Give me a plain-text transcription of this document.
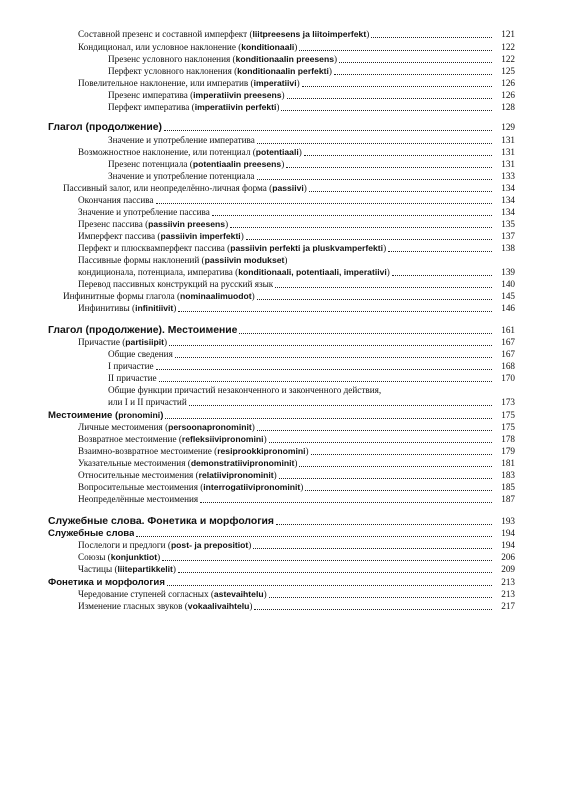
Составной презенс и составной имперфект (liitpreesens ja liitoimperfekt)	121
Кондиционал, или условное наклонение (konditionaali)	122
Презенс условного наклонения (konditionaalin preesens)	122
Перфект условного наклонения (konditionaalin perfekti)	125
Повелительное наклонение, или императив (imperatiivi)	126
Презенс императива (imperatiivin preesens)	126
Перфект императива (imperatiivin perfekti)	128
Глагол (продолжение)	129
Значение и употребление императива	131
Возможностное наклонение, или потенциал (potentiaali)	131
Презенс потенциала (potentiaalin preesens)	131
Значение и употребление потенциала	133
Пассивный залог, или неопределённо-личная форма (passiivi)	134
Окончания пассива	134
Значение и употребление пассива	134
Презенс пассива (passiivin preesens)	135
Имперфект пассива (passiivin imperfekti)	137
Перфект и плюсквамперфект пассива (passiivin perfekti ja pluskvamperfekti)	138
Пассивные формы наклонений (passiivin modukset)
кондиционала, потенциала, императива (konditionaali, potentiaali, imperatiivi)	139
Перевод пассивных конструкций на русский язык	140
Инфинитные формы глагола (nominaalimuodot)	145
Инфинитивы (infinitiivit)	146
Глагол (продолжение). Местоимение	161
Причастие (partisiipit)	167
Общие сведения	167
I причастие	168
II причастие	170
Общие функции причастий незаконченного и законченного действия,
или I и II причастий	173
Местоимение (pronomini)	175
Личные местоимения (persoonapronominit)	175
Возвратное местоимение (refleksiivipronomini)	178
Взаимно-возвратное местоимение (resiprookkipronomini)	179
Указательные местоимения (demonstratiivipronominit)	181
Относительные местоимения (relatiivipronominit)	183
Вопросительные местоимения (interrogatiivipronominit)	185
Неопределённые местоимения	187
Служебные слова. Фонетика и морфология	193
Служебные слова	194
Послелоги и предлоги (post- ja prepositiot)	194
Союзы (konjunktiot)	206
Частицы (liitepartikkelit)	209
Фонетика и морфология	213
Чередование ступеней согласных (astevaihtelu)	213
Изменение гласных звуков (vokaalivaihtelu)	217
